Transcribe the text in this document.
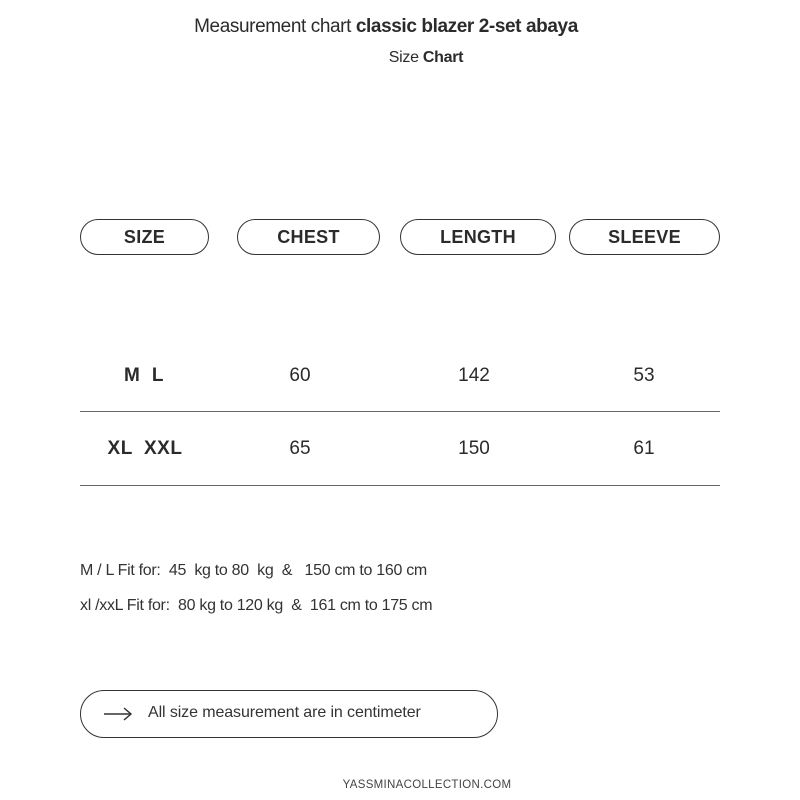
Measurement chart classic blazer 2-set abaya
Size Chart
SIZE	CHEST	LENGTH	SLEEVE
M  L	60	142	53
XL  XXL	65	150	61
M / L Fit for:  45  kg to 80  kg  &   150 cm to 160 cm
xl /xxL Fit for:  80 kg to 120 kg  &  161 cm to 175 cm
All size measurement are in centimeter
YASSMINACOLLECTION.COM
